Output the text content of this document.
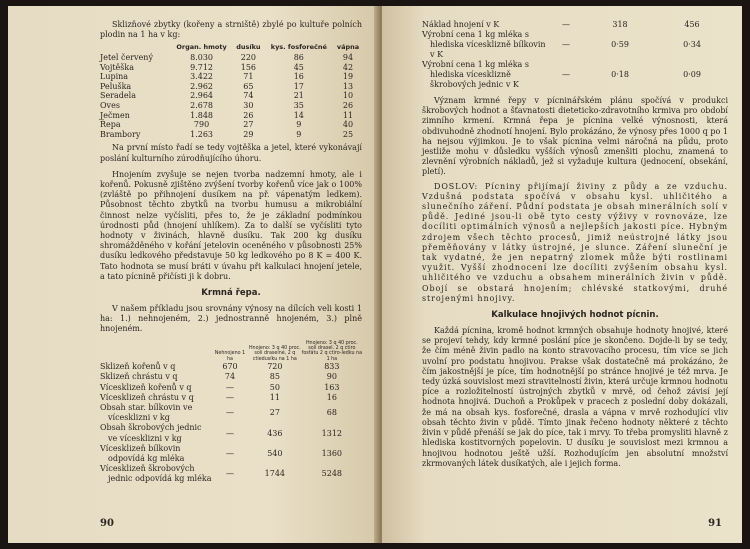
Sklizňové zbytky (kořeny a strniště) zbylé po kultuře polních plodin na 1 ha v kg:

	Organ. hmoty	dusíku	kys. fosforečné	vápna
Jetel červený	8.030	220	86	94
Vojtěška	9.712	156	45	42
Lupina	3.422	71	16	19
Peluška	2.962	65	17	13
Seradela	2.964	74	21	10
Oves	2.678	30	35	26
Ječmen	1.848	26	14	11
Řepa	790	27	9	40
Brambory	1.263	29	9	25

Na první místo řadí se tedy vojtěška a jetel, které vykonávají poslání kulturního zúrodňujícího úhoru.

Hnojením zvyšuje se nejen tvorba nadzemní hmoty, ale i kořenů. Pokusně zjištěno zvýšení tvorby kořenů více jak o 100% (zvláště po přihnojení dusíkem na př. vápenatým ledkem). Působnost těchto zbytků na tvorbu humusu a mikrobiální činnost nelze vyčísliti, přes to, že je základní podmínkou úrodnosti půd (hnojení uhlíkem). Za to další se vyčísliti tyto hodnoty v živinách, hlavně dusíku. Tak 200 kg dusíku shromážděného v kořání jetelovin oceněného v působnosti 25% dusíku ledkového představuje 50 kg ledkového po 8 K = 400 K. Tato hodnota se musí bráti v úvahu při kalkulaci hnojení jetele, a tato pícnině přičísti ji k dobru.

Krmná řepa.

V našem příkladu jsou srovnány výnosy na dílcích veli kosti 1 ha: 1.) nehnojeném, 2.) jednostranně hnojeném, 3.) plně hnojeném.

	Nehnojeno 1 ha	Hnojeno: 3 q 40 proc. soli draselné, 2 q ctiedusíku na 1 ha	Hnojeno: 3 q 40 proc. soli drasel. 2 q ctiro fosfátu 2 q ctiro-ledku na 1 ha
Sklizeň kořenů v q	670	720	833
Sklizeň chrástu v q	74	85	90
Vícesklizeň kořenů v q	—	50	163
Vícesklizeň chrástu v q	—	11	16
Obsah star. bílkovin ve vícesklizni v kg	—	27	68
Obsah škrobových jednic ve vícesklizni v kg	—	436	1312
Vícesklizeň bílkovin odpovídá kg mléka	—	540	1360
Vícesklizeň škrobových jednic odpovídá kg mléka	—	1744	5248
90
Náklad hnojení v K	—	318	456
Výrobní cena 1 kg mléka s hlediska vícesklizně bílkovin v K	—	0·59	0·34
Výrobní cena 1 kg mléka s hlediska vícesklizně škrobových jednic v K	—	0·18	0·09

Význam krmné řepy v pícninářském plánu spočívá v produkci škrobových hodnot a šťavnatosti dieteticko-zdravotního krmiva pro období zimního krmení. Krmná řepa je pícnina velké výnosnosti, která obdivuhodně zhodnotí hnojení. Bylo prokázáno, že výnosy přes 1000 q po 1 ha nejsou výjimkou. Je to však pícnina velmi náročná na půdu, proto jestliže mohu v důsledku vyšších výnosů zmenšiti plochu, znamená to zlevnění výrobních nákladů, jež si vyžaduje kultura (jednocení, obsekání, pletí).

DOSLOV: Pícniny přijímají živiny z půdy a ze vzduchu. Vzdušná podstata spočívá v obsahu kysl. uhličitého a slunečního záření. Půdní podstata je obsah minerálních solí v půdě. Jediné jsou-li obě tyto cesty výživy v rovnováze, lze docíliti optimálních výnosů a nejlepších jakosti píce. Hybným zdrojem všech těchto procesů, jimiž neústrojné látky jsou přeměňovány v látky ústrojné, je slunce. Záření sluneční je tak vydatné, že jen nepatrný zlomek může býti rostlinami využit. Vyšší zhodnocení lze docíliti zvýšením obsahu kysl. uhličitého ve vzduchu a obsahem minerálních živin v půdě. Obojí se obstará hnojením; chlévské statkovými, druhé strojenými hnojivy.

Kalkulace hnojivých hodnot pícnin.

Každá pícnina, kromě hodnot krmných obsahuje hodnoty hnojivé, které se projeví tehdy, kdy krmné poslání píce je skončeno. Dojde-li by se tedy, že čím méně živin padlo na konto stravovacího procesu, tím více se jich uvolní pro podstatu hnojivou. Prakse však dostatečně má prokázáno, že čím jakostnější je píce, tím hodnotnější po stránce hnojivé je též mrva. Je tedy úzká souvislost mezi stravitelností živin, která určuje krmnou hodnotu píce a rozložitelností ústrojných zbytků v mrvě, od čehož závisí její hodnota hnojivá. Duchoň a Prokůpek v pracech z poslední doby dokázali, že má na obsah kys. fosforečné, drasla a vápna v mrvě rozhodující vliv obsah těchto živin v půdě. Tímto jinak řečeno hodnoty některé z těchto živin v půdě přenáší se jak do píce, tak i mrvy. To třeba promysliti hlavně z hlediska kostitvorných popelovin. U dusíku je souvislost mezi krmnou a hnojivou hodnotou ještě užší. Rozhodujícím jen absolutní množství zkrmovaných látek dusíkatých, ale i jejich forma.

91
